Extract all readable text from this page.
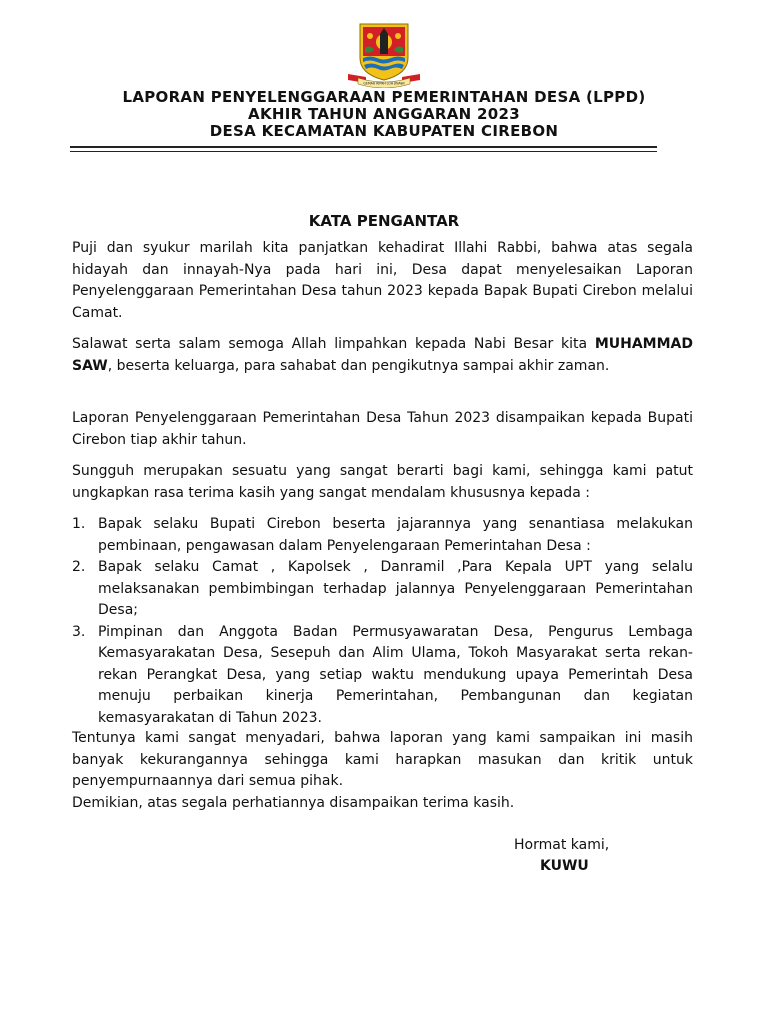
GEMAH RIPAH LOH JINAWI
LAPORAN PENYELENGGARAAN PEMERINTAHAN DESA (LPPD)
AKHIR TAHUN ANGGARAN 2023
DESA KECAMATAN KABUPATEN CIREBON
KATA PENGANTAR
Puji dan syukur marilah kita panjatkan kehadirat Illahi Rabbi, bahwa atas segala hidayah dan innayah-Nya pada hari ini, Desa dapat menyelesaikan Laporan Penyelenggaraan Pemerintahan Desa tahun 2023 kepada Bapak Bupati Cirebon melalui Camat.
Salawat serta salam semoga Allah limpahkan kepada Nabi Besar kita MUHAMMAD SAW, beserta keluarga, para sahabat dan pengikutnya sampai akhir zaman.
Laporan Penyelenggaraan Pemerintahan Desa Tahun 2023 disampaikan kepada Bupati Cirebon tiap akhir tahun.
Sungguh merupakan sesuatu yang sangat berarti bagi kami, sehingga kami patut ungkapkan rasa terima kasih yang sangat mendalam khususnya kepada :
1. Bapak selaku Bupati Cirebon beserta jajarannya yang senantiasa melakukan pembinaan, pengawasan dalam Penyelengaraan Pemerintahan Desa :
2. Bapak selaku Camat , Kapolsek , Danramil ,Para Kepala UPT yang selalu melaksanakan pembimbingan terhadap jalannya Penyelenggaraan Pemerintahan Desa;
3. Pimpinan dan Anggota Badan Permusyawaratan Desa, Pengurus Lembaga Kemasyarakatan Desa, Sesepuh dan Alim Ulama, Tokoh Masyarakat serta rekan-rekan Perangkat Desa, yang setiap waktu mendukung upaya Pemerintah Desa menuju perbaikan kinerja Pemerintahan, Pembangunan dan kegiatan kemasyarakatan di Tahun 2023.
Tentunya kami sangat menyadari, bahwa laporan yang kami sampaikan ini masih banyak kekurangannya sehingga kami harapkan masukan dan kritik untuk penyempurnaannya dari semua pihak.
Demikian, atas segala perhatiannya disampaikan terima kasih.
Hormat kami,
KUWU
